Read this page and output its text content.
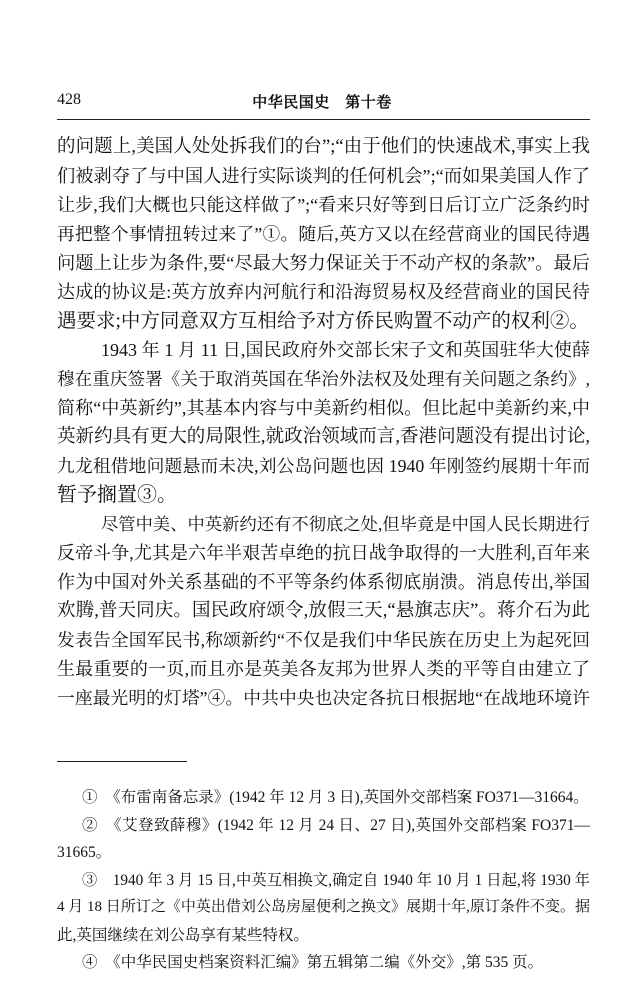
428	中华民国史　第十卷
的问题上,美国人处处拆我们的台”;“由于他们的快速战术,事实上我
们被剥夺了与中国人进行实际谈判的任何机会”;“而如果美国人作了
让步,我们大概也只能这样做了”;“看来只好等到日后订立广泛条约时
再把整个事情扭转过来了”①。随后,英方又以在经营商业的国民待遇
问题上让步为条件,要“尽最大努力保证关于不动产权的条款”。最后
达成的协议是:英方放弃内河航行和沿海贸易权及经营商业的国民待
遇要求;中方同意双方互相给予对方侨民购置不动产的权利②。
1943 年 1 月 11 日,国民政府外交部长宋子文和英国驻华大使薛
穆在重庆签署《关于取消英国在华治外法权及处理有关问题之条约》,
简称“中英新约”,其基本内容与中美新约相似。但比起中美新约来,中
英新约具有更大的局限性,就政治领域而言,香港问题没有提出讨论,
九龙租借地问题悬而未决,刘公岛问题也因 1940 年刚签约展期十年而
暂予搁置③。
尽管中美、中英新约还有不彻底之处,但毕竟是中国人民长期进行
反帝斗争,尤其是六年半艰苦卓绝的抗日战争取得的一大胜利,百年来
作为中国对外关系基础的不平等条约体系彻底崩溃。消息传出,举国
欢腾,普天同庆。国民政府颂令,放假三天,“悬旗志庆”。蒋介石为此
发表告全国军民书,称颂新约“不仅是我们中华民族在历史上为起死回
生最重要的一页,而且亦是英美各友邦为世界人类的平等自由建立了
一座最光明的灯塔”④。中共中央也决定各抗日根据地“在战地环境许
①　《布雷南备忘录》(1942 年 12 月 3 日),英国外交部档案 FO371—31664。
②　《艾登致薛穆》(1942 年 12 月 24 日、27 日),英国外交部档案 FO371—
31665。
③　1940 年 3 月 15 日,中英互相换文,确定自 1940 年 10 月 1 日起,将 1930 年
4 月 18 日所订之《中英出借刘公岛房屋便利之换文》展期十年,原订条件不变。据
此,英国继续在刘公岛享有某些特权。
④　《中华民国史档案资料汇编》第五辑第二编《外交》,第 535 页。
